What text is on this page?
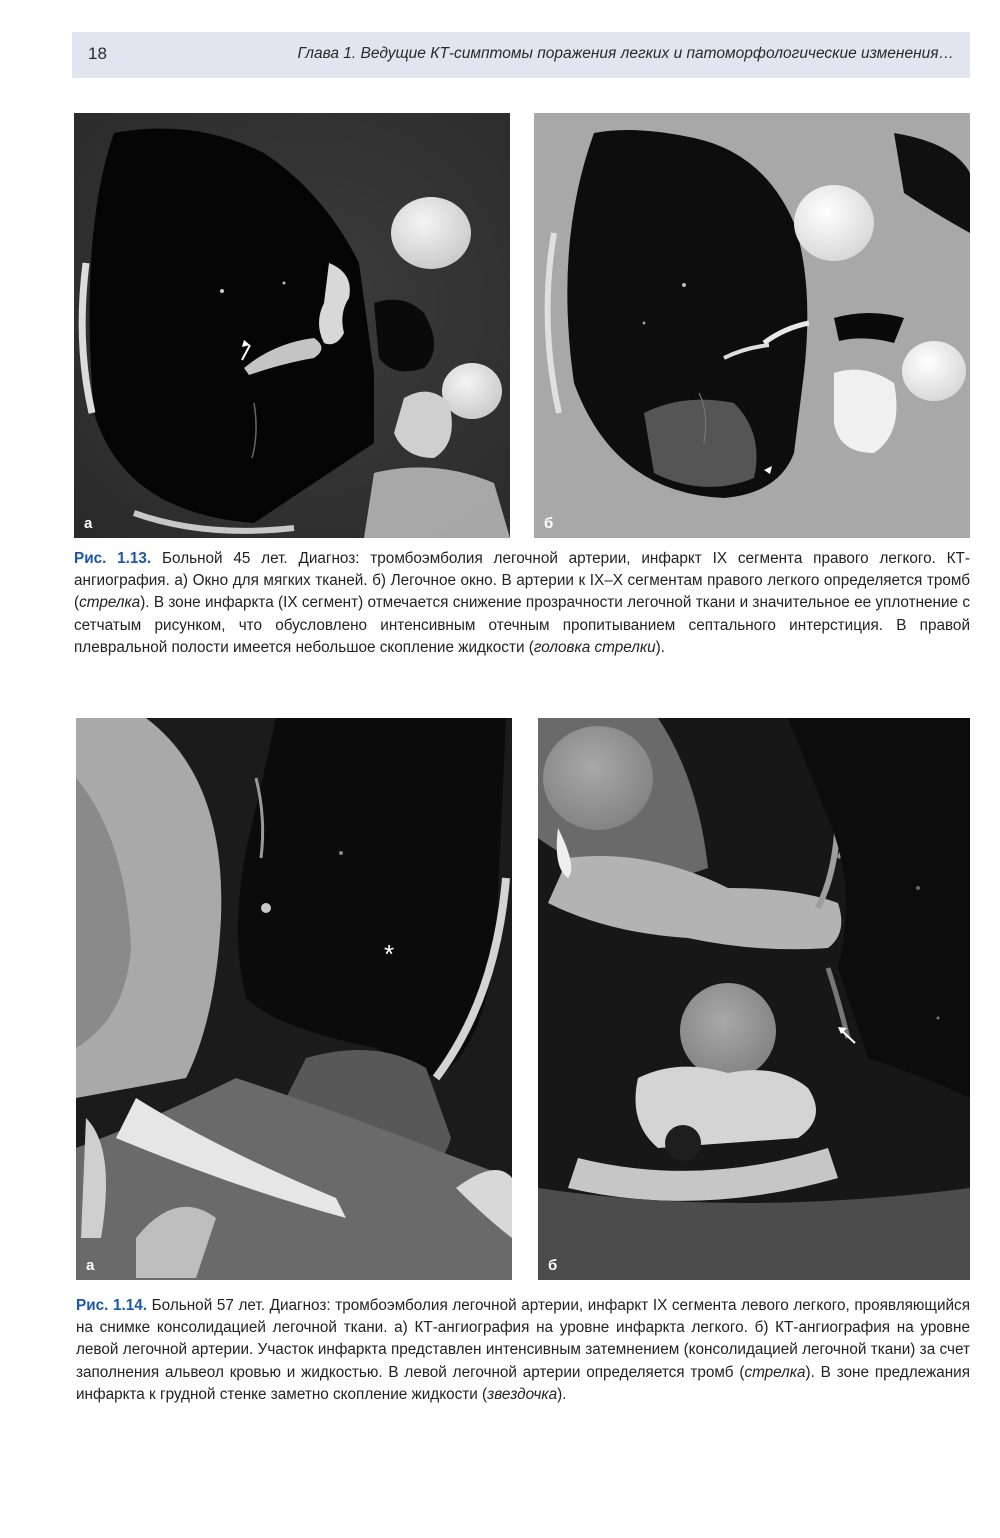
18	Глава 1. Ведущие КТ-симптомы поражения легких и патоморфологические изменения…
а	б
Рис. 1.13. Больной 45 лет. Диагноз: тромбоэмболия легочной артерии, инфаркт IX сегмента правого легкого. КТ-ангиография. а) Окно для мягких тканей. б) Легочное окно. В артерии к IX–X сегментам правого легкого определяется тромб (стрелка). В зоне инфаркта (IX сегмент) отмечается снижение прозрачности легочной ткани и значительное ее уплотнение с сетчатым рисунком, что обусловлено интенсивным отечным пропитыванием септального интерстиция. В правой плевральной полости имеется небольшое скопление жидкости (головка стрелки).
*
а	б
Рис. 1.14. Больной 57 лет. Диагноз: тромбоэмболия легочной артерии, инфаркт IX сегмента левого легкого, проявляющийся на снимке консолидацией легочной ткани. а) КТ-ангиография на уровне инфаркта легкого. б) КТ-ангиография на уровне левой легочной артерии. Участок инфаркта представлен интенсивным затемнением (консолидацией легочной ткани) за счет заполнения альвеол кровью и жидкостью. В левой легочной артерии определяется тромб (стрелка). В зоне предлежания инфаркта к грудной стенке заметно скопление жидкости (звездочка).
